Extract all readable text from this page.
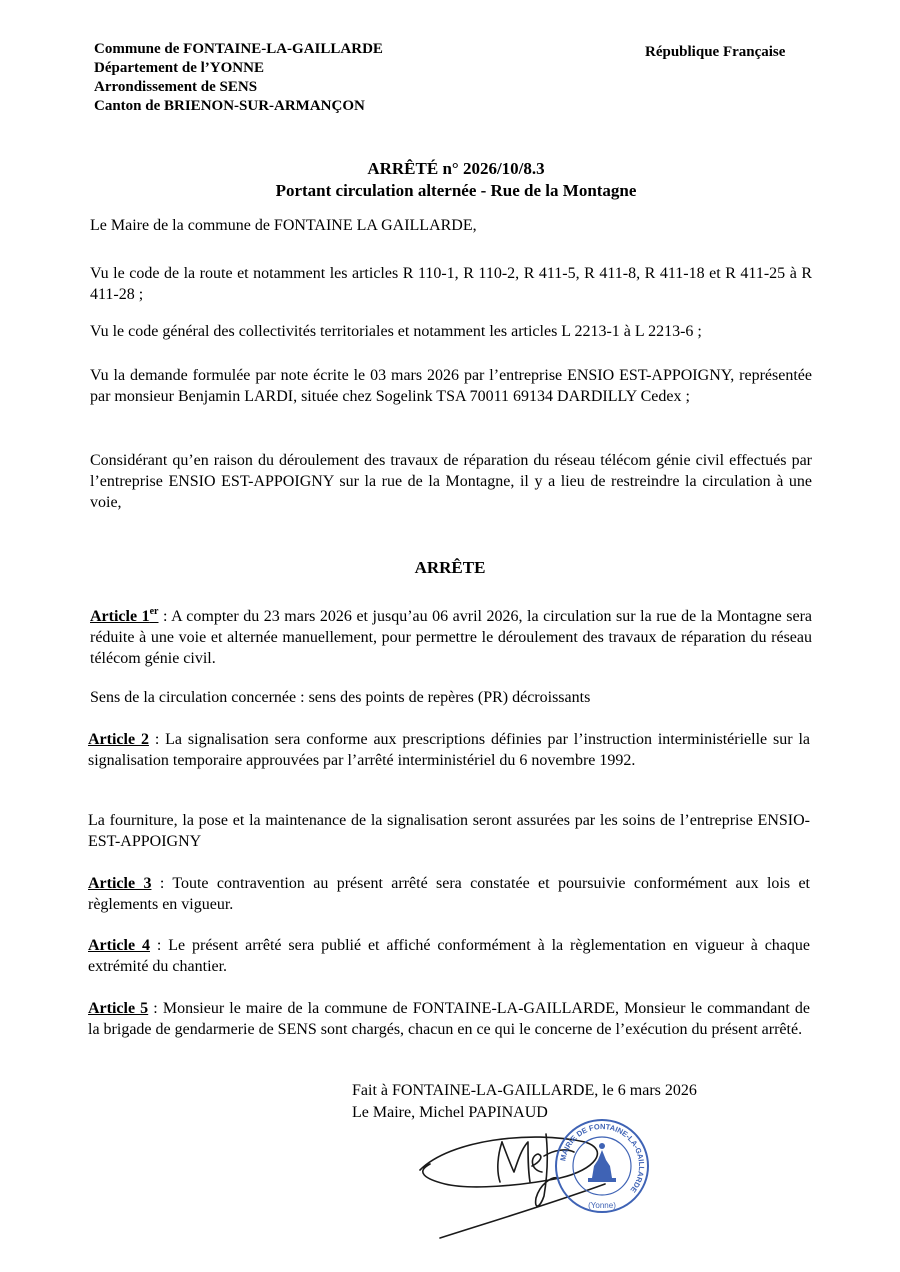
Commune de FONTAINE-LA-GAILLARDE
Département de l’YONNE
Arrondissement de SENS
Canton de BRIENON-SUR-ARMANÇON
République Française
ARRÊTÉ n° 2026/10/8.3
Portant circulation alternée - Rue de la Montagne
Le Maire de la commune de FONTAINE LA GAILLARDE,
Vu le code de la route et notamment les articles R 110-1, R 110-2, R 411-5, R 411-8, R 411-18 et R 411-25 à R 411-28 ;
Vu le code général des collectivités territoriales et notamment les articles L 2213-1 à L 2213-6 ;
Vu la demande formulée par note écrite le 03 mars 2026 par l’entreprise ENSIO EST-APPOIGNY, représentée par monsieur Benjamin LARDI, située chez Sogelink TSA 70011 69134 DARDILLY Cedex ;
Considérant qu’en raison du déroulement des travaux de réparation du réseau télécom génie civil effectués par l’entreprise ENSIO EST-APPOIGNY sur la rue de la Montagne, il y a lieu de restreindre la circulation à une voie,
ARRÊTE
Article 1er : A compter du 23 mars 2026 et jusqu’au 06 avril 2026, la circulation sur la rue de la Montagne sera réduite à une voie et alternée manuellement, pour permettre le déroulement des travaux de réparation du réseau télécom génie civil.
Sens de la circulation concernée : sens des points de repères (PR) décroissants
Article 2 : La signalisation sera conforme aux prescriptions définies par l’instruction interministérielle sur la signalisation temporaire approuvées par l’arrêté interministériel du 6 novembre 1992.
La fourniture, la pose et la maintenance de la signalisation seront assurées par les soins de l’entreprise ENSIO-EST-APPOIGNY
Article 3 : Toute contravention au présent arrêté sera constatée et poursuivie conformément aux lois et règlements en vigueur.
Article 4 : Le présent arrêté sera publié et affiché conformément à la règlementation en vigueur à chaque extrémité du chantier.
Article 5 : Monsieur le maire de la commune de FONTAINE-LA-GAILLARDE, Monsieur le commandant de la brigade de gendarmerie de SENS sont chargés, chacun en ce qui le concerne de l’exécution du présent arrêté.
Fait à FONTAINE-LA-GAILLARDE, le 6 mars 2026
Le Maire, Michel PAPINAUD
MAIRIE DE FONTAINE-LA-GAILLARDE
(Yonne)
